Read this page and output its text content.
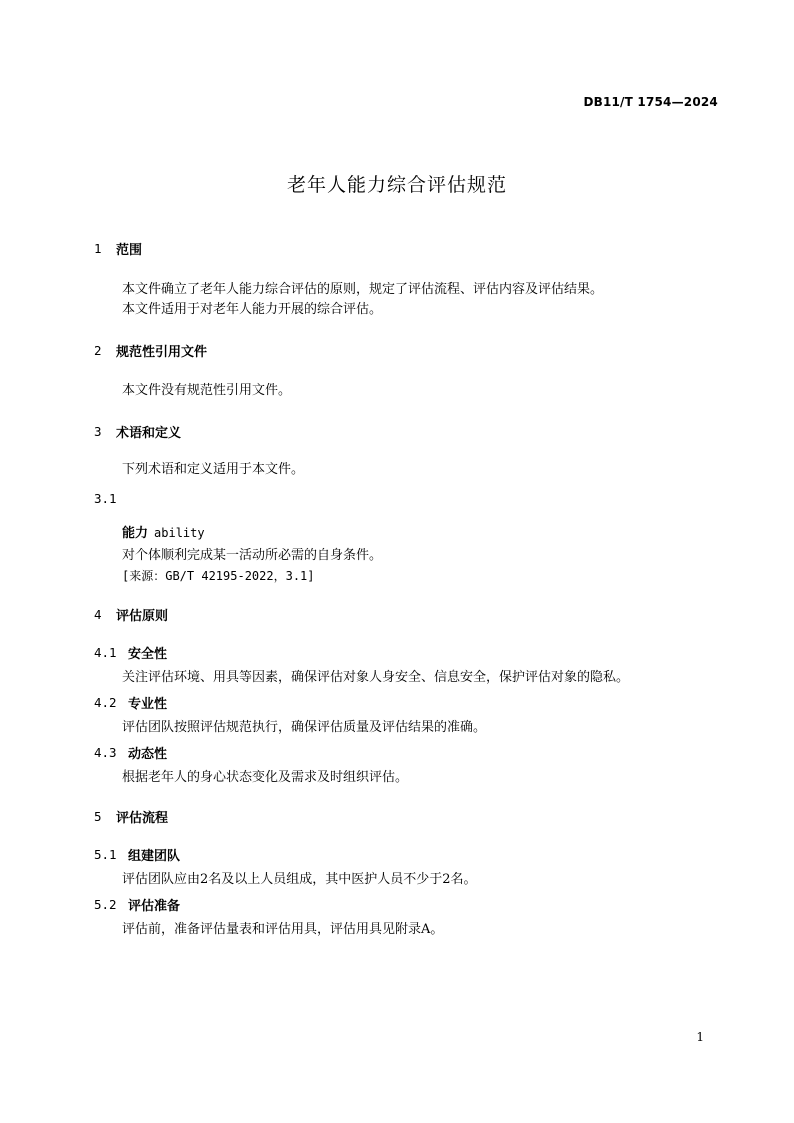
DB11/T 1754—2024
老年人能力综合评估规范
1	范围
本文件确立了老年人能力综合评估的原则，规定了评估流程、评估内容及评估结果。
本文件适用于对老年人能力开展的综合评估。
2	规范性引用文件
本文件没有规范性引用文件。
3	术语和定义
下列术语和定义适用于本文件。
3.1
能力 ability
对个体顺利完成某一活动所必需的自身条件。
[来源：GB/T 42195-2022，3.1]
4	评估原则
4.1 安全性
关注评估环境、用具等因素，确保评估对象人身安全、信息安全，保护评估对象的隐私。
4.2 专业性
评估团队按照评估规范执行，确保评估质量及评估结果的准确。
4.3 动态性
根据老年人的身心状态变化及需求及时组织评估。
5	评估流程
5.1 组建团队
评估团队应由2名及以上人员组成，其中医护人员不少于2名。
5.2 评估准备
评估前，准备评估量表和评估用具，评估用具见附录A。
1
